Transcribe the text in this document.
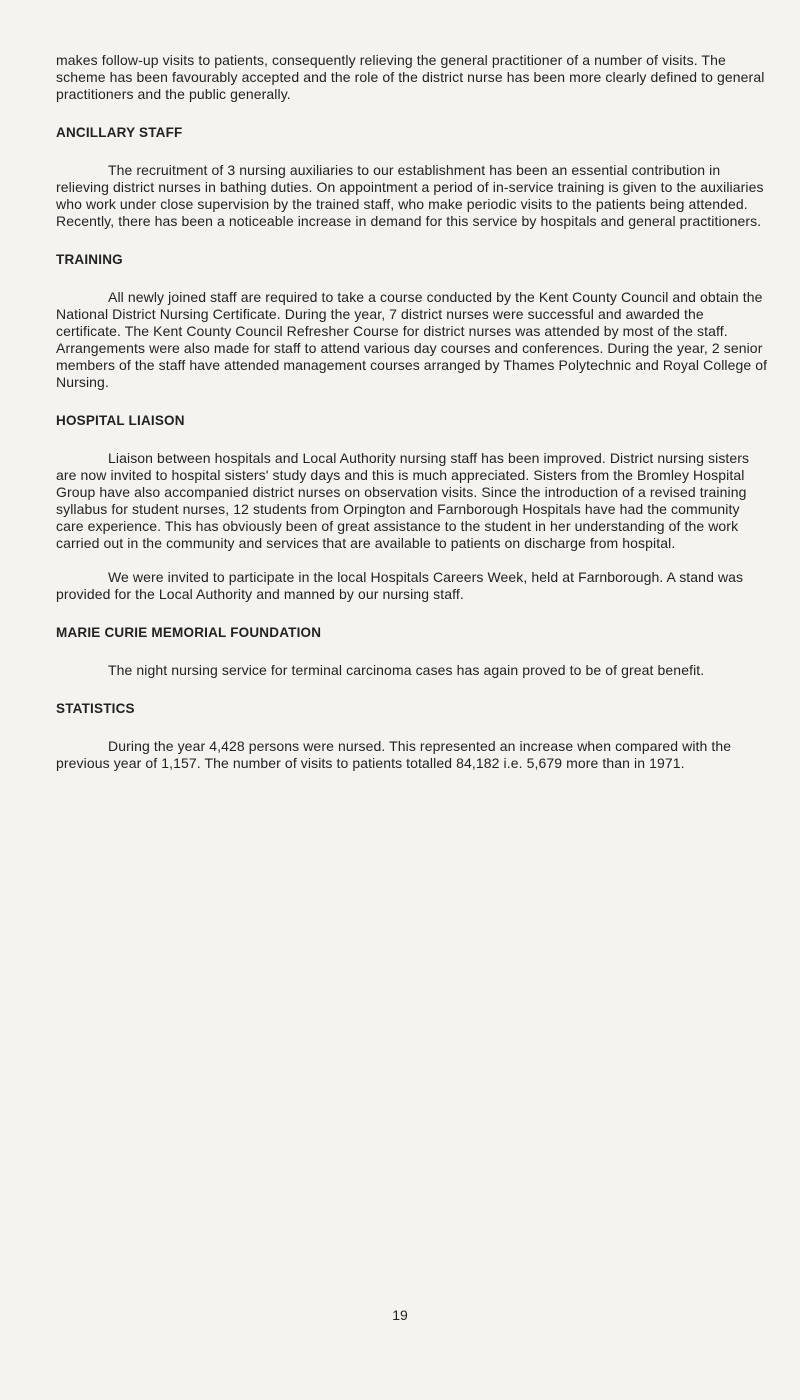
makes follow-up visits to patients, consequently relieving the general practitioner of a number of visits. The scheme has been favourably accepted and the role of the district nurse has been more clearly defined to general practitioners and the public generally.

ANCILLARY STAFF

The recruitment of 3 nursing auxiliaries to our establishment has been an essential contribution in relieving district nurses in bathing duties. On appointment a period of in-service training is given to the auxiliaries who work under close supervision by the trained staff, who make periodic visits to the patients being attended. Recently, there has been a noticeable increase in demand for this service by hospitals and general practitioners.

TRAINING

All newly joined staff are required to take a course conducted by the Kent County Council and obtain the National District Nursing Certificate. During the year, 7 district nurses were successful and awarded the certificate. The Kent County Council Refresher Course for district nurses was attended by most of the staff. Arrangements were also made for staff to attend various day courses and conferences. During the year, 2 senior members of the staff have attended management courses arranged by Thames Polytechnic and Royal College of Nursing.

HOSPITAL LIAISON

Liaison between hospitals and Local Authority nursing staff has been improved. District nursing sisters are now invited to hospital sisters' study days and this is much appreciated. Sisters from the Bromley Hospital Group have also accompanied district nurses on observation visits. Since the introduction of a revised training syllabus for student nurses, 12 students from Orpington and Farnborough Hospitals have had the community care experience. This has obviously been of great assistance to the student in her understanding of the work carried out in the community and services that are available to patients on discharge from hospital.

We were invited to participate in the local Hospitals Careers Week, held at Farnborough. A stand was provided for the Local Authority and manned by our nursing staff.

MARIE CURIE MEMORIAL FOUNDATION

The night nursing service for terminal carcinoma cases has again proved to be of great benefit.

STATISTICS

During the year 4,428 persons were nursed. This represented an increase when compared with the previous year of 1,157. The number of visits to patients totalled 84,182 i.e. 5,679 more than in 1971.

19
